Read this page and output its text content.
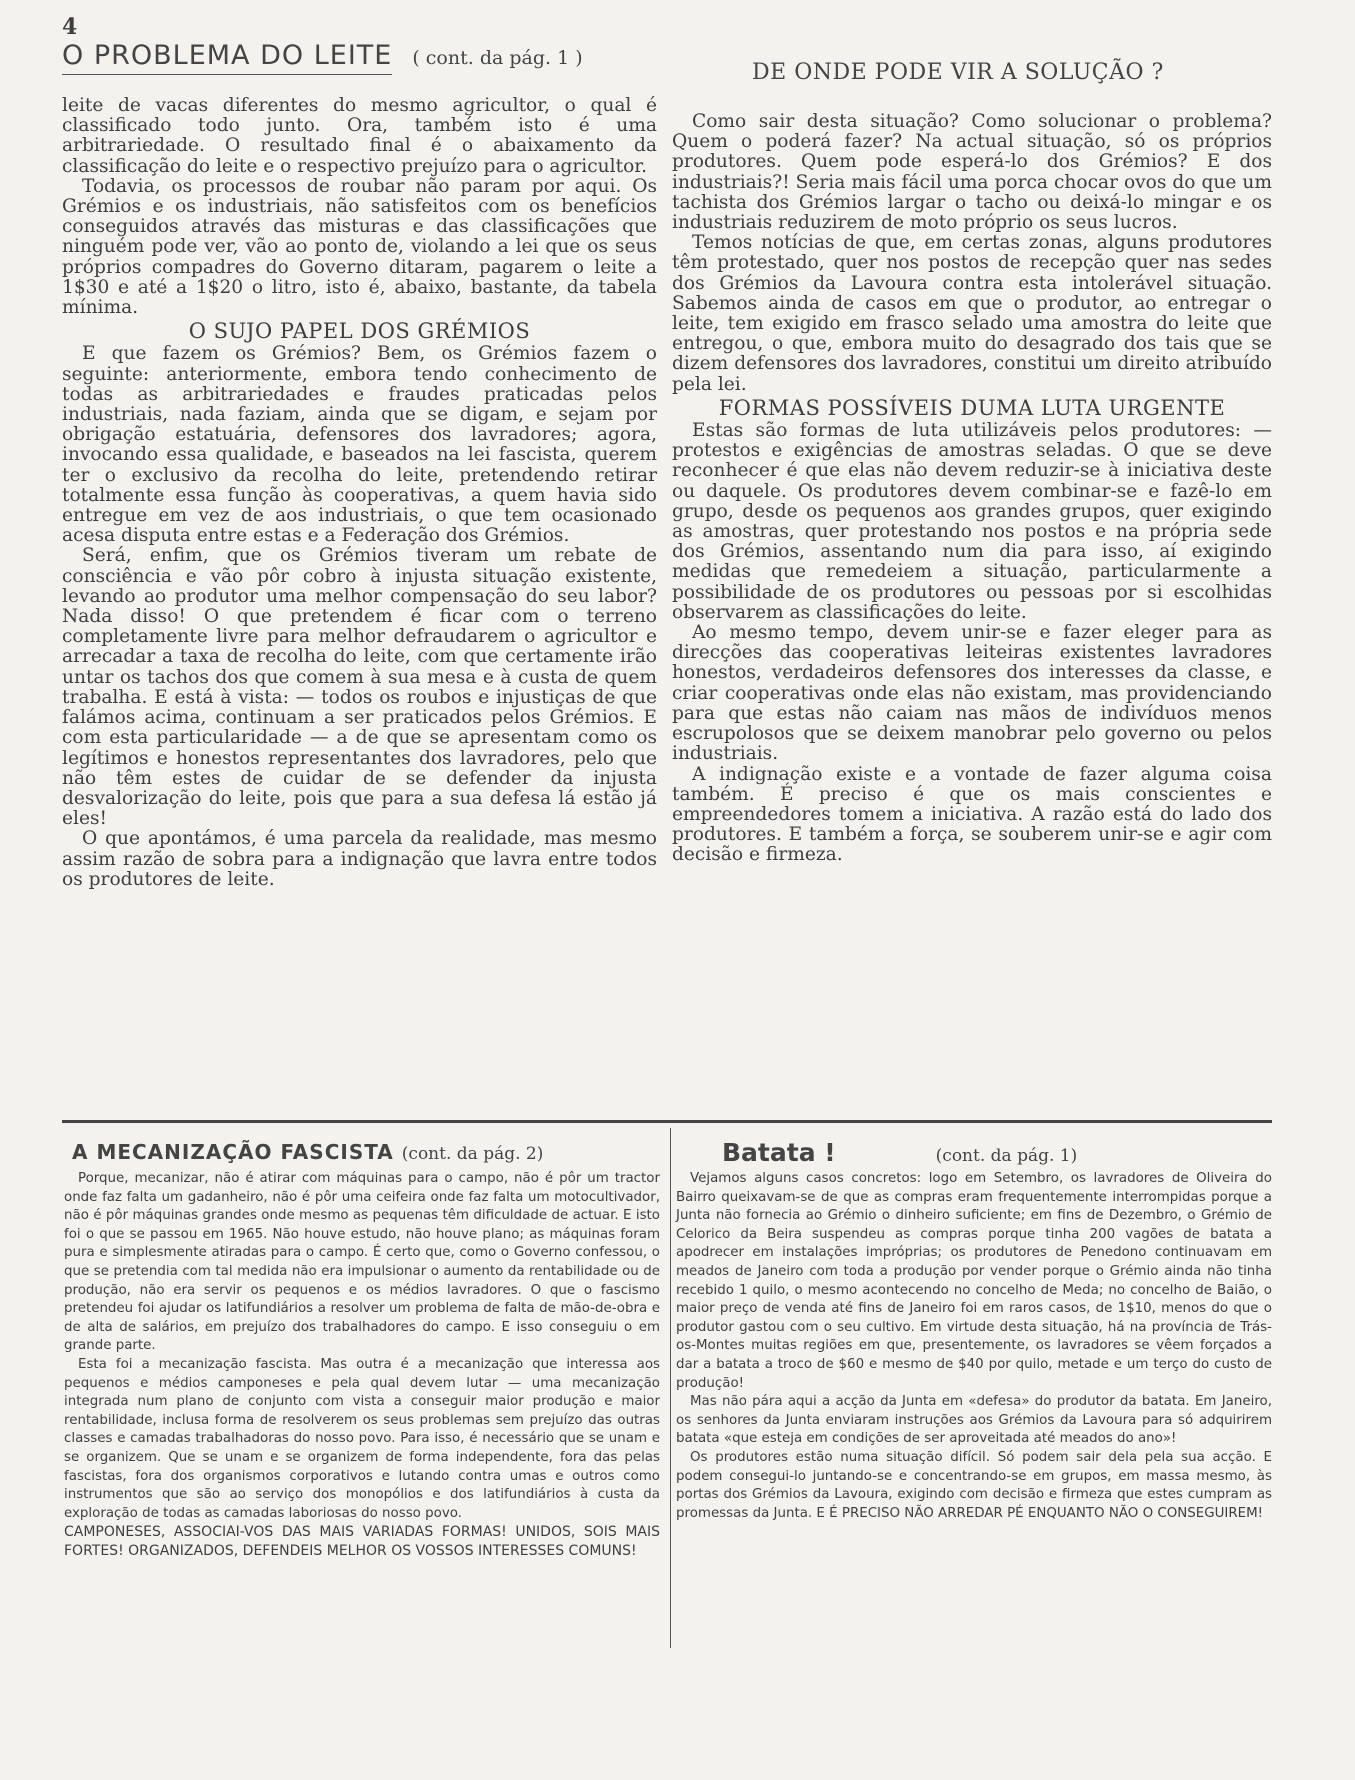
4
O PROBLEMA DO LEITE ( cont. da pág. 1 )

leite de vacas diferentes do mesmo agricultor, o qual é classificado todo junto. Ora, também isto é uma arbitrariedade. O resultado final é o abaixamento da classificação do leite e o respectivo prejuízo para o agricultor.

Todavia, os processos de roubar não param por aqui. Os Grémios e os industriais, não satisfeitos com os benefícios conseguidos através das misturas e das classificações que ninguém pode ver, vão ao ponto de, violando a lei que os seus próprios compadres do Governo ditaram, pagarem o leite a 1$30 e até a 1$20 o litro, isto é, abaixo, bastante, da tabela mínima.

O SUJO PAPEL DOS GRÉMIOS

E que fazem os Grémios? Bem, os Grémios fazem o seguinte: anteriormente, embora tendo conhecimento de todas as arbitrariedades e fraudes praticadas pelos industriais, nada faziam, ainda que se digam, e sejam por obrigação estatuária, defensores dos lavradores; agora, invocando essa qualidade, e baseados na lei fascista, querem ter o exclusivo da recolha do leite, pretendendo retirar totalmente essa função às cooperativas, a quem havia sido entregue em vez de aos industriais, o que tem ocasionado acesa disputa entre estas e a Federação dos Grémios.

Será, enfim, que os Grémios tiveram um rebate de consciência e vão pôr cobro à injusta situação existente, levando ao produtor uma melhor compensação do seu labor? Nada disso! O que pretendem é ficar com o terreno completamente livre para melhor defraudarem o agricultor e arrecadar a taxa de recolha do leite, com que certamente irão untar os tachos dos que comem à sua mesa e à custa de quem trabalha. E está à vista: — todos os roubos e injustiças de que falámos acima, continuam a ser praticados pelos Grémios. E com esta particularidade — a de que se apresentam como os legítimos e honestos representantes dos lavradores, pelo que não têm estes de cuidar de se defender da injusta desvalorização do leite, pois que para a sua defesa lá estão já eles!

O que apontámos, é uma parcela da realidade, mas mesmo assim razão de sobra para a indignação que lavra entre todos os produtores de leite.

DE ONDE PODE VIR A SOLUÇÃO ?

Como sair desta situação? Como solucionar o problema? Quem o poderá fazer? Na actual situação, só os próprios produtores. Quem pode esperá-lo dos Grémios? E dos industriais?! Seria mais fácil uma porca chocar ovos do que um tachista dos Grémios largar o tacho ou deixá-lo mingar e os industriais reduzirem de moto próprio os seus lucros.

Temos notícias de que, em certas zonas, alguns produtores têm protestado, quer nos postos de recepção quer nas sedes dos Grémios da Lavoura contra esta intolerável situação. Sabemos ainda de casos em que o produtor, ao entregar o leite, tem exigido em frasco selado uma amostra do leite que entregou, o que, embora muito do desagrado dos tais que se dizem defensores dos lavradores, constitui um direito atribuído pela lei.

FORMAS POSSÍVEIS DUMA LUTA URGENTE

Estas são formas de luta utilizáveis pelos produtores: — protestos e exigências de amostras seladas. O que se deve reconhecer é que elas não devem reduzir-se à iniciativa deste ou daquele. Os produtores devem combinar-se e fazê-lo em grupo, desde os pequenos aos grandes grupos, quer exigindo as amostras, quer protestando nos postos e na própria sede dos Grémios, assentando num dia para isso, aí exigindo medidas que remedeiem a situação, particularmente a possibilidade de os produtores ou pessoas por si escolhidas observarem as classificações do leite.

Ao mesmo tempo, devem unir-se e fazer eleger para as direcções das cooperativas leiteiras existentes lavradores honestos, verdadeiros defensores dos interesses da classe, e criar cooperativas onde elas não existam, mas providenciando para que estas não caiam nas mãos de indivíduos menos escrupolosos que se deixem manobrar pelo governo ou pelos industriais.

A indignação existe e a vontade de fazer alguma coisa também. É preciso é que os mais conscientes e empreendedores tomem a iniciativa. A razão está do lado dos produtores. E também a força, se souberem unir-se e agir com decisão e firmeza.

A MECANIZAÇÃO FASCISTA (cont. da pág. 2)

Porque, mecanizar, não é atirar com máquinas para o campo, não é pôr um tractor onde faz falta um gadanheiro, não é pôr uma ceifeira onde faz falta um motocultivador, não é pôr máquinas grandes onde mesmo as pequenas têm dificuldade de actuar. E isto foi o que se passou em 1965. Não houve estudo, não houve plano; as máquinas foram pura e simplesmente atiradas para o campo. É certo que, como o Governo confessou, o que se pretendia com tal medida não era impulsionar o aumento da rentabilidade ou de produção, não era servir os pequenos e os médios lavradores. O que o fascismo pretendeu foi ajudar os latifundiários a resolver um problema de falta de mão-de-obra e de alta de salários, em prejuízo dos trabalhadores do campo. E isso conseguiu o em grande parte.

Esta foi a mecanização fascista. Mas outra é a mecanização que interessa aos pequenos e médios camponeses e pela qual devem lutar — uma mecanização integrada num plano de conjunto com vista a conseguir maior produção e maior rentabilidade, inclusa forma de resolverem os seus problemas sem prejuízo das outras classes e camadas trabalhadoras do nosso povo. Para isso, é necessário que se unam e se organizem. Que se unam e se organizem de forma independente, fora das pelas fascistas, fora dos organismos corporativos e lutando contra umas e outros como instrumentos que são ao serviço dos monopólios e dos latifundiários à custa da exploração de todas as camadas laboriosas do nosso povo.

CAMPONESES, ASSOCIAI-VOS DAS MAIS VARIADAS FORMAS! UNIDOS, SOIS MAIS FORTES! ORGANIZADOS, DEFENDEIS MELHOR OS VOSSOS INTERESSES COMUNS!

Batata !	(cont. da pág. 1)

Vejamos alguns casos concretos: logo em Setembro, os lavradores de Oliveira do Bairro queixavam-se de que as compras eram frequentemente interrompidas porque a Junta não fornecia ao Grémio o dinheiro suficiente; em fins de Dezembro, o Grémio de Celorico da Beira suspendeu as compras porque tinha 200 vagões de batata a apodrecer em instalações impróprias; os produtores de Penedono continuavam em meados de Janeiro com toda a produção por vender porque o Grémio ainda não tinha recebido 1 quilo, o mesmo acontecendo no concelho de Meda; no concelho de Baião, o maior preço de venda até fins de Janeiro foi em raros casos, de 1$10, menos do que o produtor gastou com o seu cultivo. Em virtude desta situação, há na província de Trás-os-Montes muitas regiões em que, presentemente, os lavradores se vêem forçados a dar a batata a troco de $60 e mesmo de $40 por quilo, metade e um terço do custo de produção!

Mas não pára aqui a acção da Junta em «defesa» do produtor da batata. Em Janeiro, os senhores da Junta enviaram instruções aos Grémios da Lavoura para só adquirirem batata «que esteja em condições de ser aproveitada até meados do ano»!

Os produtores estão numa situação difícil. Só podem sair dela pela sua acção. E podem consegui-lo juntando-se e concentrando-se em grupos, em massa mesmo, às portas dos Grémios da Lavoura, exigindo com decisão e firmeza que estes cumpram as promessas da Junta. E É PRECISO NÃO ARREDAR PÉ ENQUANTO NÃO O CONSEGUIREM!
